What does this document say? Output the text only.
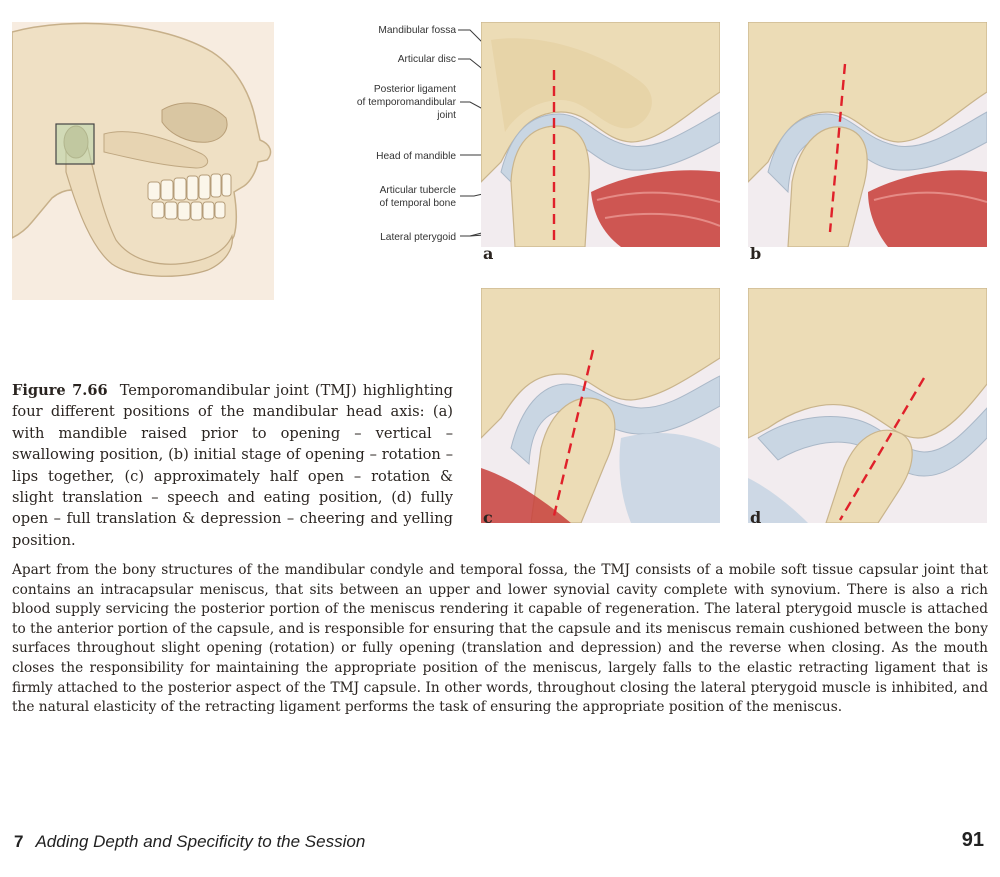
Mandibular fossa
Articular disc
Posterior ligament
of temporomandibular
joint
Head of mandible
Articular tubercle
of temporal bone
Lateral pterygoid
a	b
c	d

Figure 7.66 Temporomandibular joint (TMJ) highlighting four different positions of the mandibular head axis: (a) with mandible raised prior to opening – vertical – swallowing position, (b) initial stage of opening – rotation – lips together, (c) approximately half open – rotation & slight translation – speech and eating position, (d) fully open – full translation & depression – cheering and yelling position.

Apart from the bony structures of the mandibular condyle and temporal fossa, the TMJ consists of a mobile soft tissue capsular joint that contains an intracapsular meniscus, that sits between an upper and lower synovial cavity complete with synovium. There is also a rich blood supply servicing the posterior portion of the meniscus rendering it capable of regeneration. The lateral pterygoid muscle is attached to the anterior portion of the capsule, and is responsible for ensuring that the capsule and its meniscus remain cushioned between the bony surfaces throughout slight opening (rotation) or fully opening (translation and depression) and the reverse when closing. As the mouth closes the responsibility for maintaining the appropriate position of the meniscus, largely falls to the elastic retracting ligament that is firmly attached to the posterior aspect of the TMJ capsule. In other words, throughout closing the lateral pterygoid muscle is inhibited, and the natural elasticity of the retracting ligament performs the task of ensuring the appropriate position of the meniscus.

7 Adding Depth and Specificity to the Session	91
